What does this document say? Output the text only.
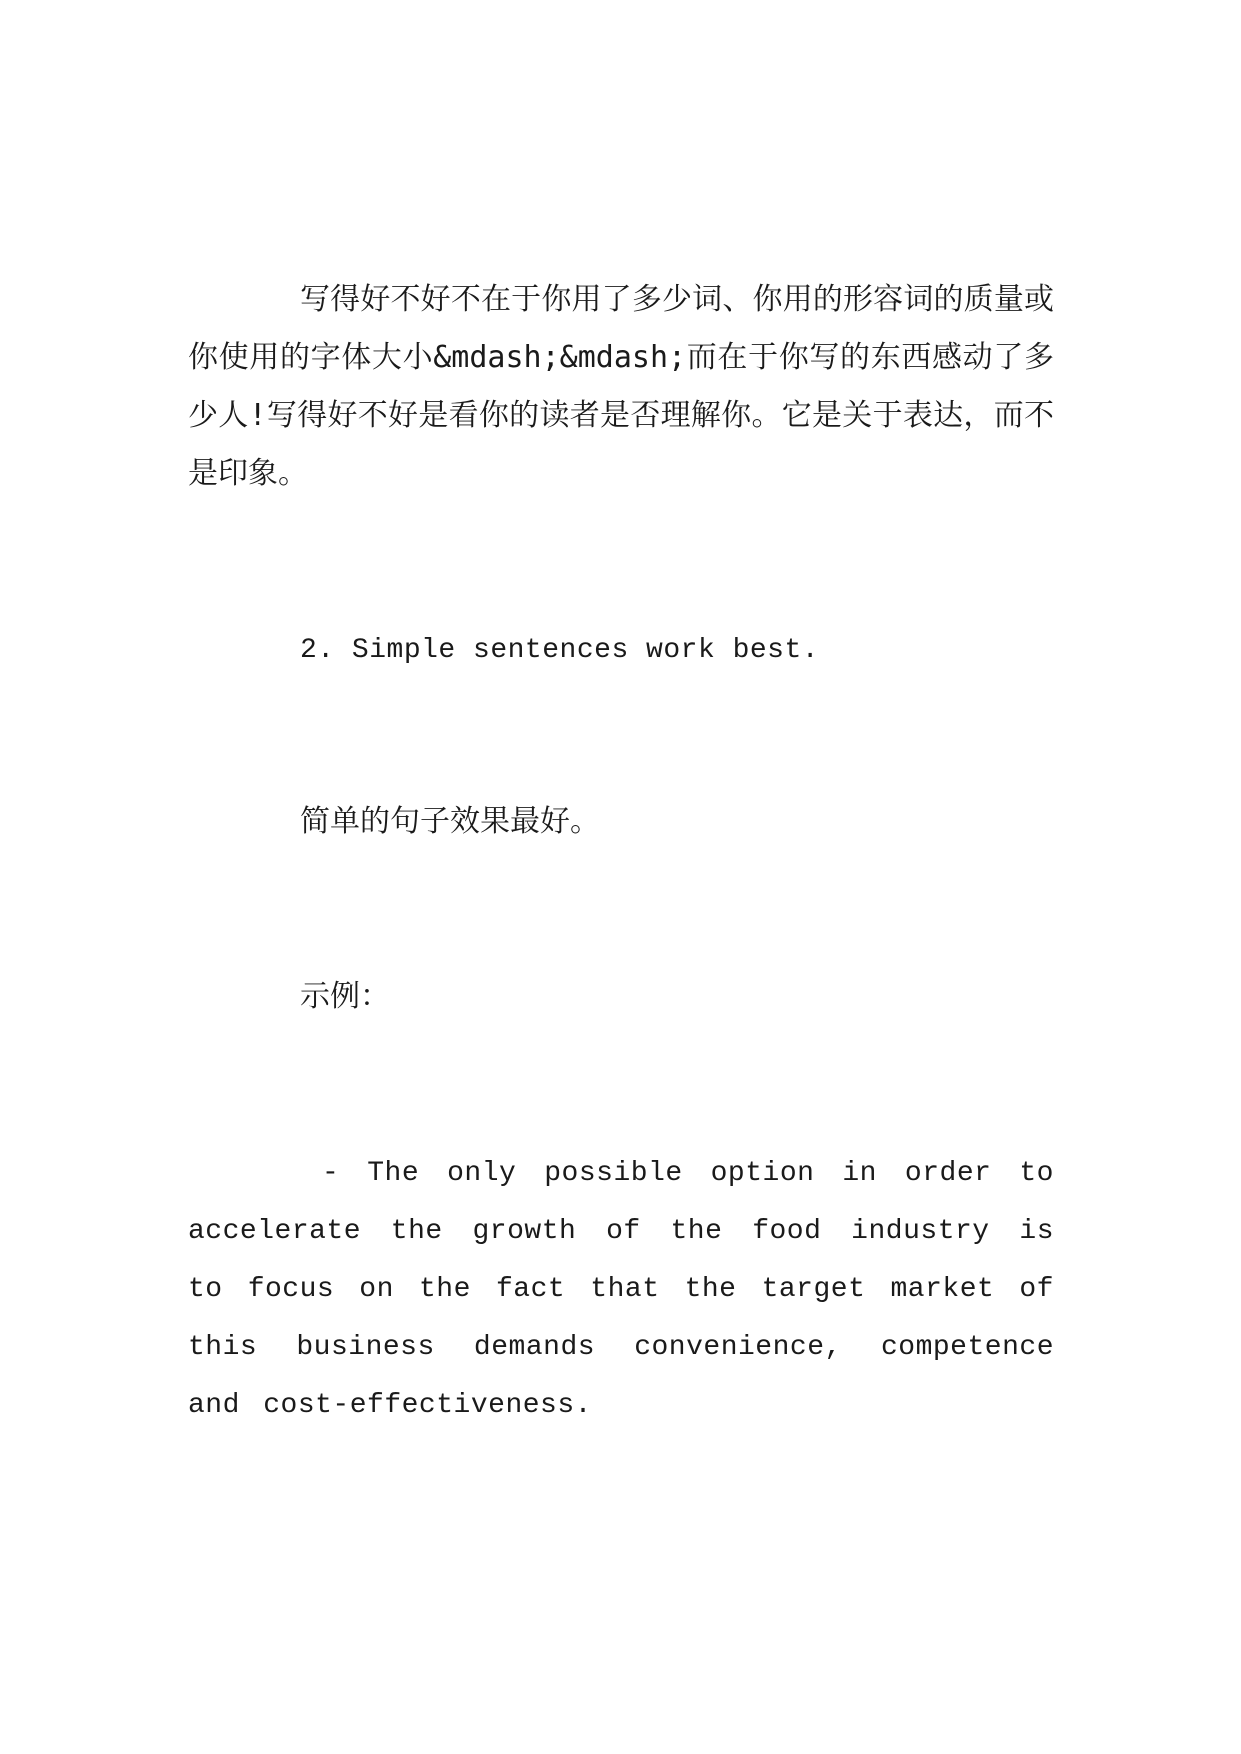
写得好不好不在于你用了多少词、你用的形容词的质量或你使用的字体大小&mdash;&mdash;而在于你写的东西感动了多少人!写得好不好是看你的读者是否理解你。它是关于表达，而不是印象。

2. Simple sentences work best.

简单的句子效果最好。

示例：

- The only possible option in order to accelerate the growth of the food industry is to focus on the fact that the target market of this business demands convenience, competence and cost-effectiveness.
